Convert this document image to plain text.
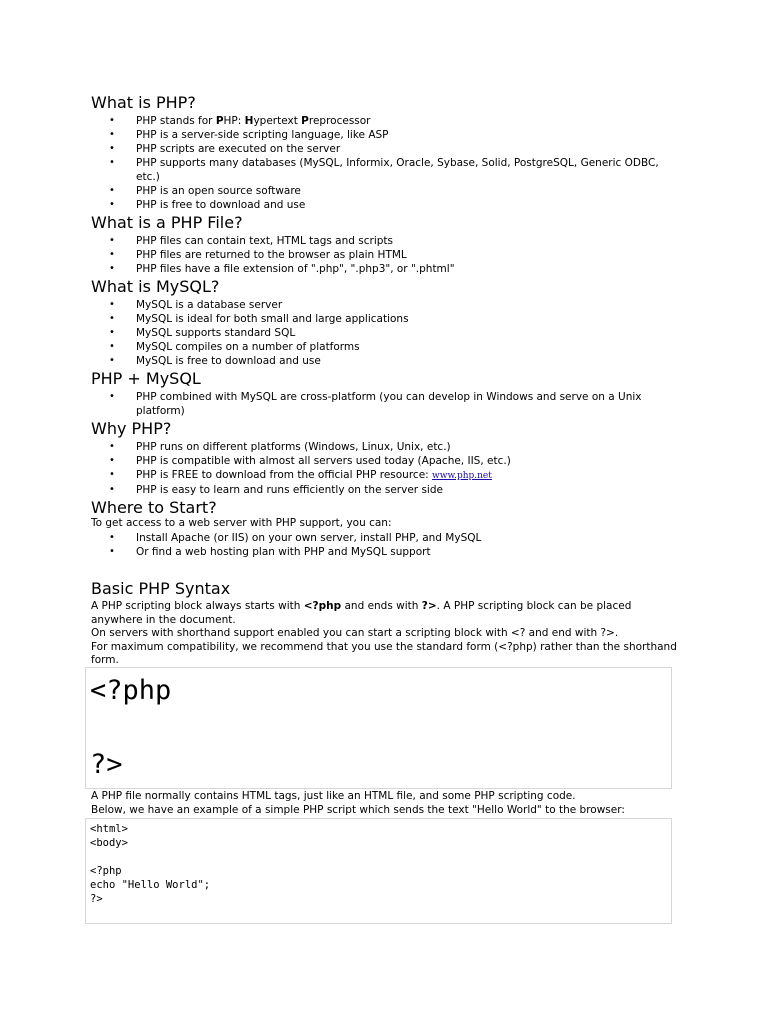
What is PHP?
• PHP stands for PHP: Hypertext Preprocessor
• PHP is a server-side scripting language, like ASP
• PHP scripts are executed on the server
• PHP supports many databases (MySQL, Informix, Oracle, Sybase, Solid, PostgreSQL, Generic ODBC, etc.)
• PHP is an open source software
• PHP is free to download and use
What is a PHP File?
• PHP files can contain text, HTML tags and scripts
• PHP files are returned to the browser as plain HTML
• PHP files have a file extension of ".php", ".php3", or ".phtml"
What is MySQL?
• MySQL is a database server
• MySQL is ideal for both small and large applications
• MySQL supports standard SQL
• MySQL compiles on a number of platforms
• MySQL is free to download and use
PHP + MySQL
• PHP combined with MySQL are cross-platform (you can develop in Windows and serve on a Unix platform)
Why PHP?
• PHP runs on different platforms (Windows, Linux, Unix, etc.)
• PHP is compatible with almost all servers used today (Apache, IIS, etc.)
• PHP is FREE to download from the official PHP resource: www.php.net
• PHP is easy to learn and runs efficiently on the server side
Where to Start?

To get access to a web server with PHP support, you can:

• Install Apache (or IIS) on your own server, install PHP, and MySQL
• Or find a web hosting plan with PHP and MySQL support
Basic PHP Syntax

A PHP scripting block always starts with <?php and ends with ?>. A PHP scripting block can be placed anywhere in the document.

On servers with shorthand support enabled you can start a scripting block with <? and end with ?>.

For maximum compatibility, we recommend that you use the standard form (<?php) rather than the shorthand form.

<?php
?>

A PHP file normally contains HTML tags, just like an HTML file, and some PHP scripting code.

Below, we have an example of a simple PHP script which sends the text "Hello World" to the browser:

<html>
<body>

<?php
echo "Hello World";
?>
